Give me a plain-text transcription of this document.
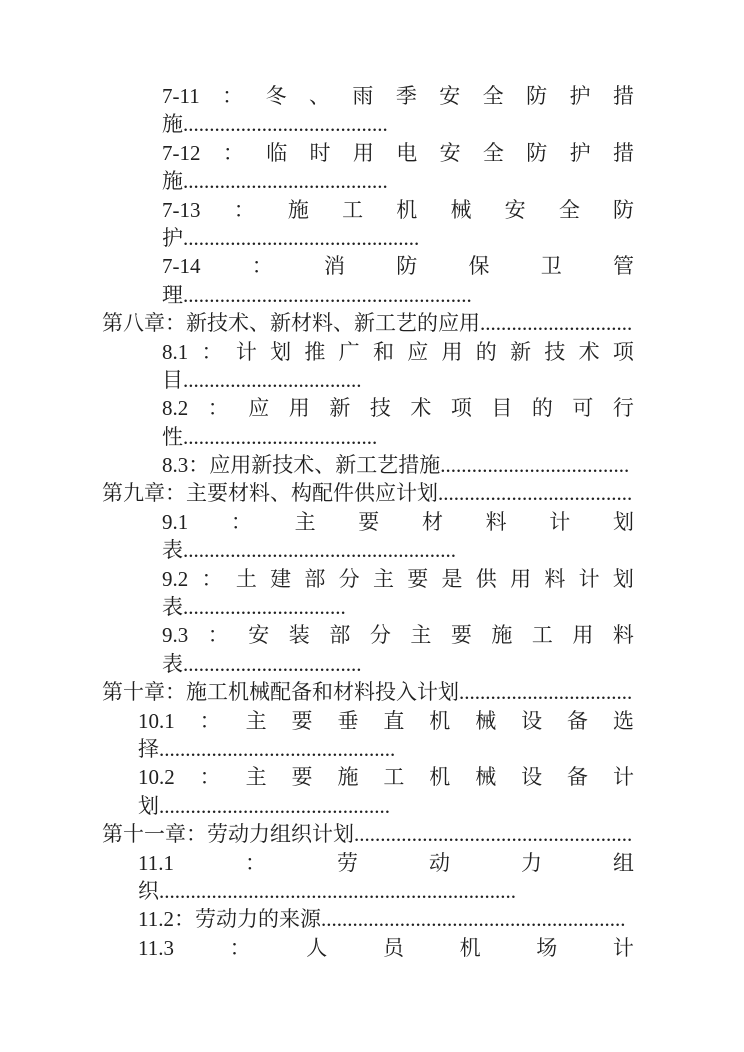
7-11 ： 冬 、 雨 季 安 全 防 护 措
施.......................................
7-12 ： 临 时 用 电 安 全 防 护 措
施.......................................
7-13 ： 施 工 机 械 安 全 防
护.............................................
7-14 ： 消 防 保 卫 管
理.......................................................
第八章：新技术、新材料、新工艺的应用.............................
8.1 ： 计 划 推 广 和 应 用 的 新 技 术 项
目..................................
8.2 ： 应 用 新 技 术 项 目 的 可 行
性.....................................
8.3：应用新技术、新工艺措施....................................
第九章：主要材料、构配件供应计划.....................................
9.1 ： 主 要 材 料 计 划
表....................................................
9.2 ： 土 建 部 分 主 要 是 供 用 料 计 划
表...............................
9.3 ： 安 装 部 分 主 要 施 工 用 料
表..................................
第十章：施工机械配备和材料投入计划.................................
10.1 ： 主 要 垂 直 机 械 设 备 选
择.............................................
10.2 ： 主 要 施 工 机 械 设 备 计
划............................................
第十一章：劳动力组织计划.....................................................
11.1	：	劳	动	力	组
织....................................................................
11.2：劳动力的来源..........................................................
11.3	：	人	员	机	场	计
